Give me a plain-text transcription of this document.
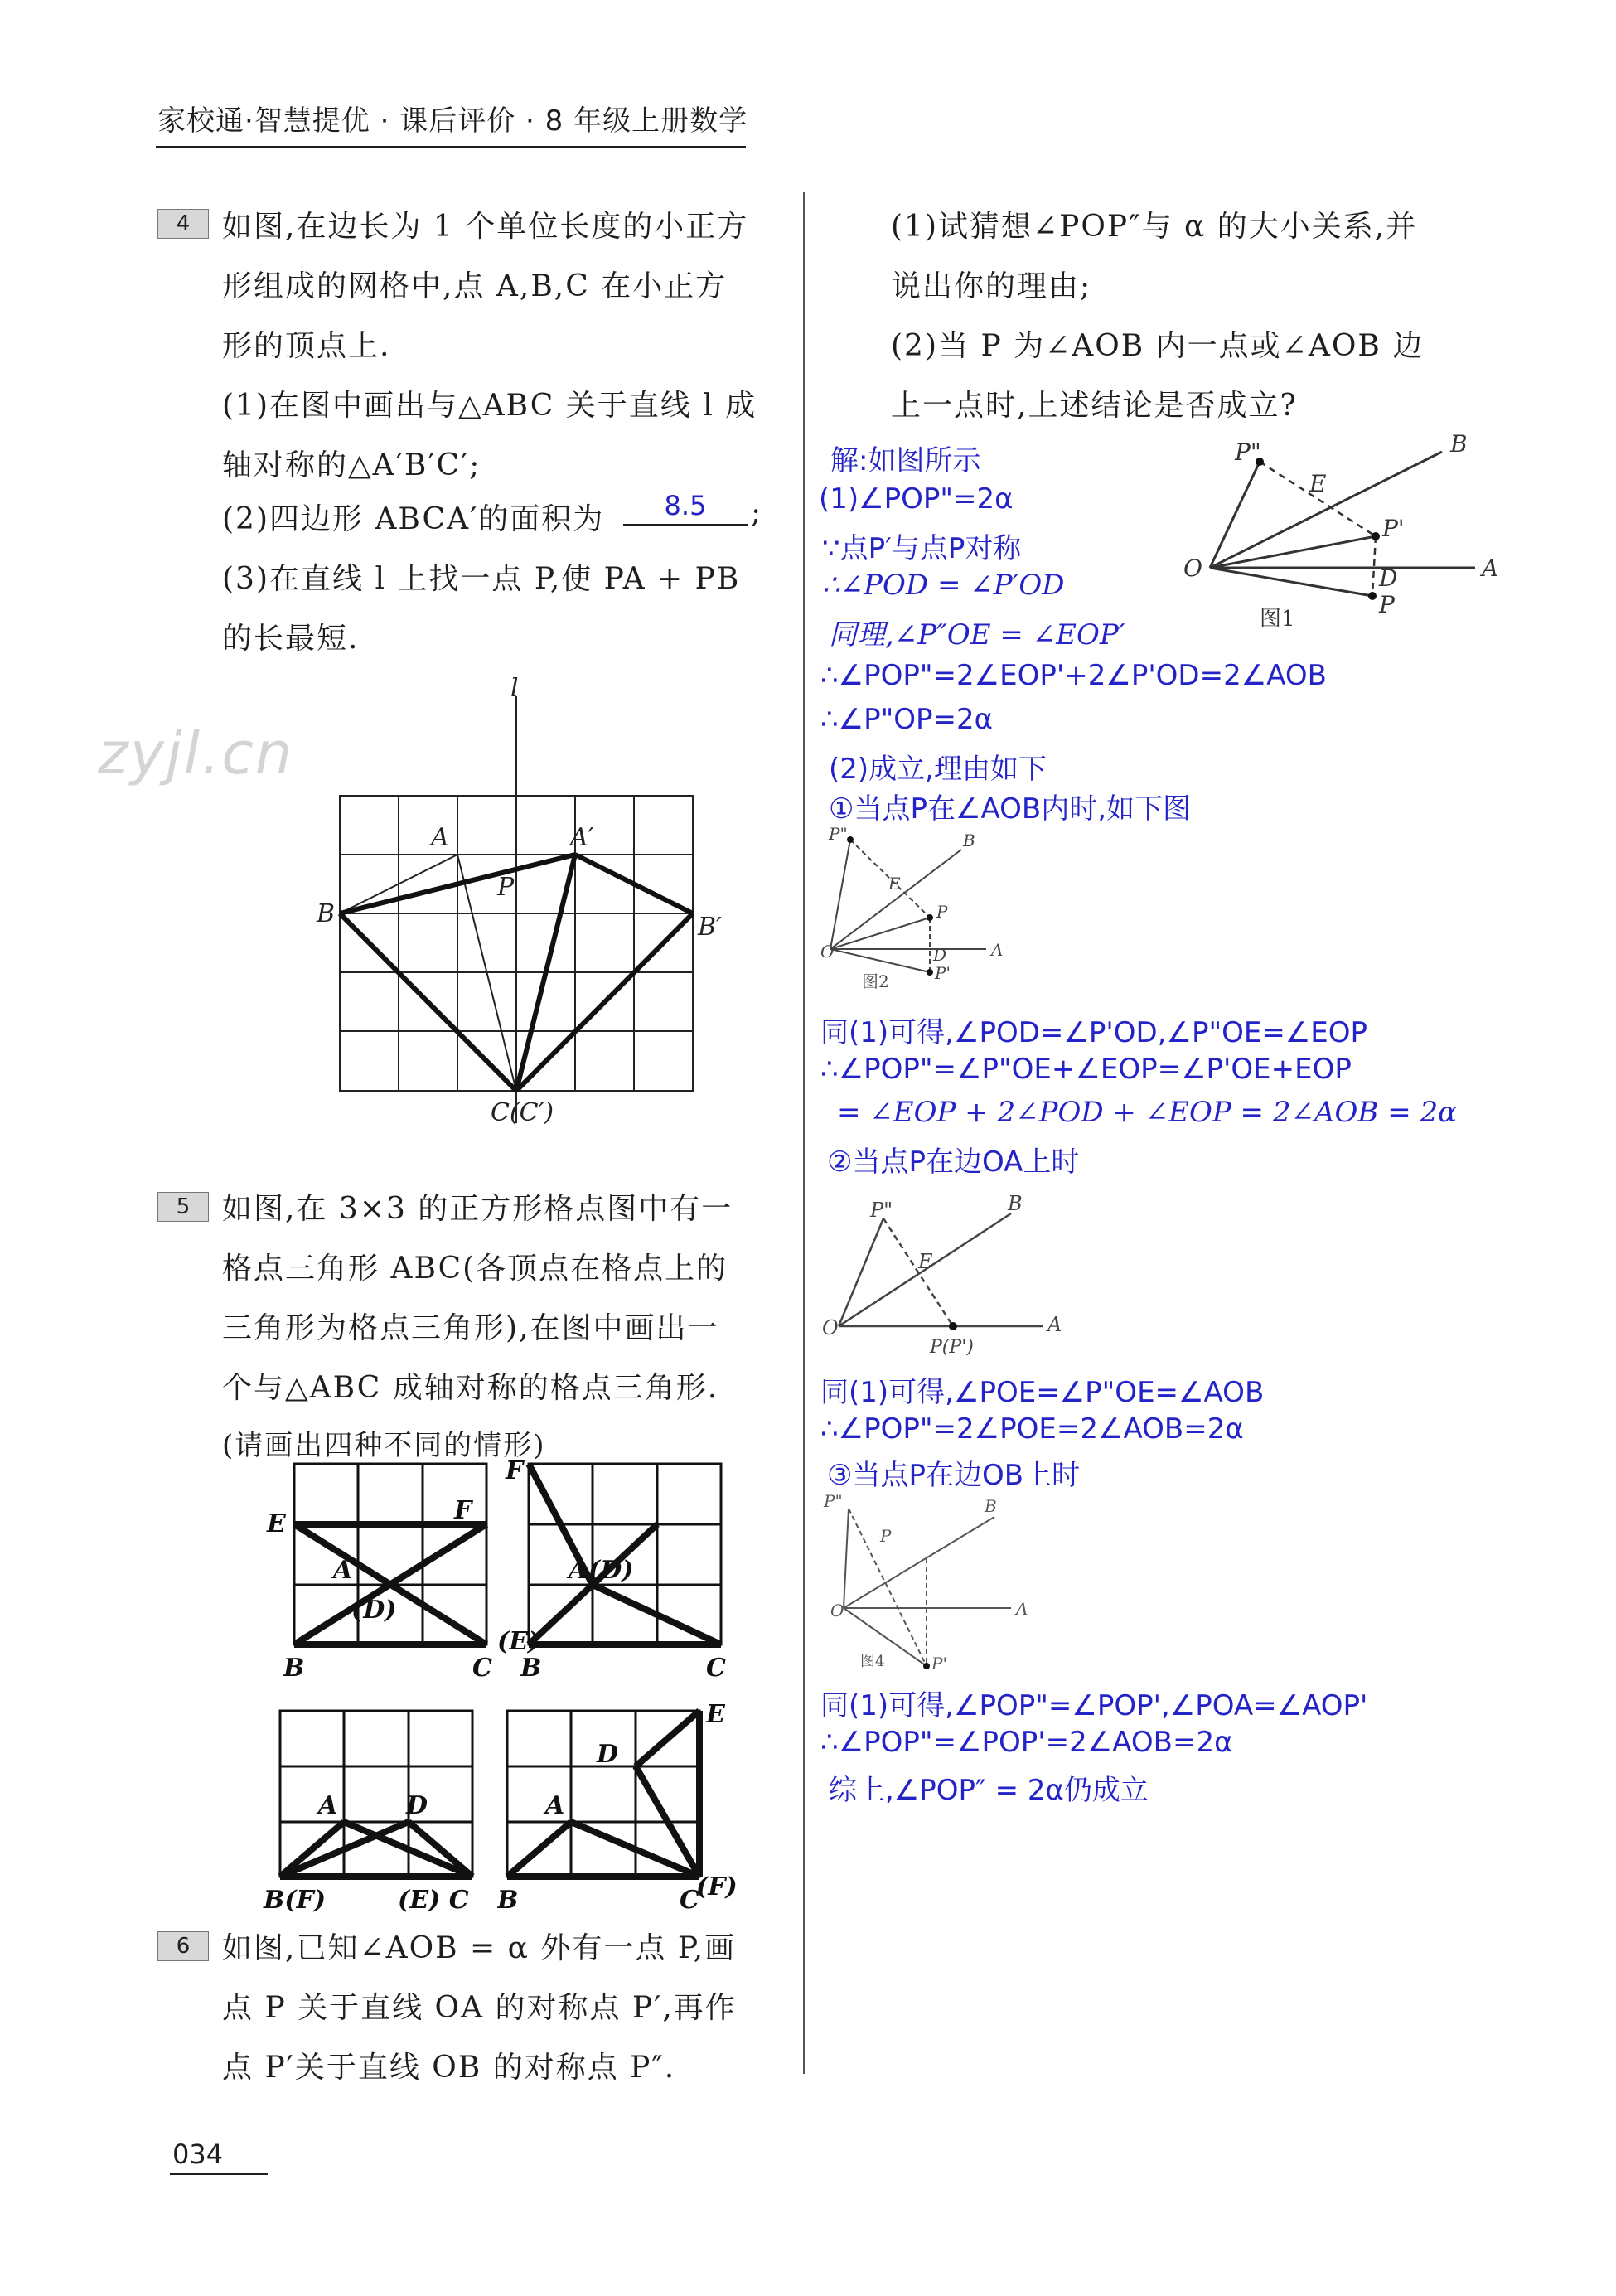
家校通·智慧提优 · 课后评价 · 8 年级上册数学
zyjl.cn
4	如图,在边长为 1 个单位长度的小正方
形组成的网格中,点 A,B,C 在小正方
形的顶点上.
(1)在图中画出与△ABC 关于直线 l 成
轴对称的△A′B′C′;
(2)四边形 ABCA′的面积为	8.5	;
(3)在直线 l 上找一点 P,使 PA + PB
的长最短.
l
A	A′
B	B′
C(C′)
P
5	如图,在 3×3 的正方形格点图中有一
格点三角形 ABC(各顶点在格点上的
三角形为格点三角形),在图中画出一
个与△ABC 成轴对称的格点三角形.
(请画出四种不同的情形)
E	F
A
(D)
B	C
F
A (D)
(E)
B	C
A	D
B(F)	(E) C
E
D
A
B	C
(F)
6	如图,已知∠AOB = α 外有一点 P,画
点 P 关于直线 OA 的对称点 P′,再作
点 P′关于直线 OB 的对称点 P″.
(1)试猜想∠POP″与 α 的大小关系,并
说出你的理由;
(2)当 P 为∠AOB 内一点或∠AOB 边
上一点时,上述结论是否成立?
解:如图所示
(1)∠POP"=2α
∵点P′与点P对称
∴∠POD = ∠P′OD
同理,∠P″OE = ∠EOP′
∴∠POP"=2∠EOP'+2∠P'OD=2∠AOB
∴∠P"OP=2α
(2)成立,理由如下
①当点P在∠AOB内时,如下图
O	A
B
P"
E
P'
D
P
图1
O	A
B
P"
E
P
D
P'
图2
同(1)可得,∠POD=∠P'OD,∠P"OE=∠EOP
∴∠POP"=∠P"OE+∠EOP=∠P'OE+EOP
= ∠EOP + 2∠POD + ∠EOP = 2∠AOB = 2α
②当点P在边OA上时
O	A
B
P"
E
P(P')
同(1)可得,∠POE=∠P"OE=∠AOB
∴∠POP"=2∠POE=2∠AOB=2α
③当点P在边OB上时
O	A
B
P"
P
P'
图4
同(1)可得,∠POP"=∠POP',∠POA=∠AOP'
∴∠POP"=∠POP'=2∠AOB=2α
综上,∠POP″ = 2α仍成立
034
